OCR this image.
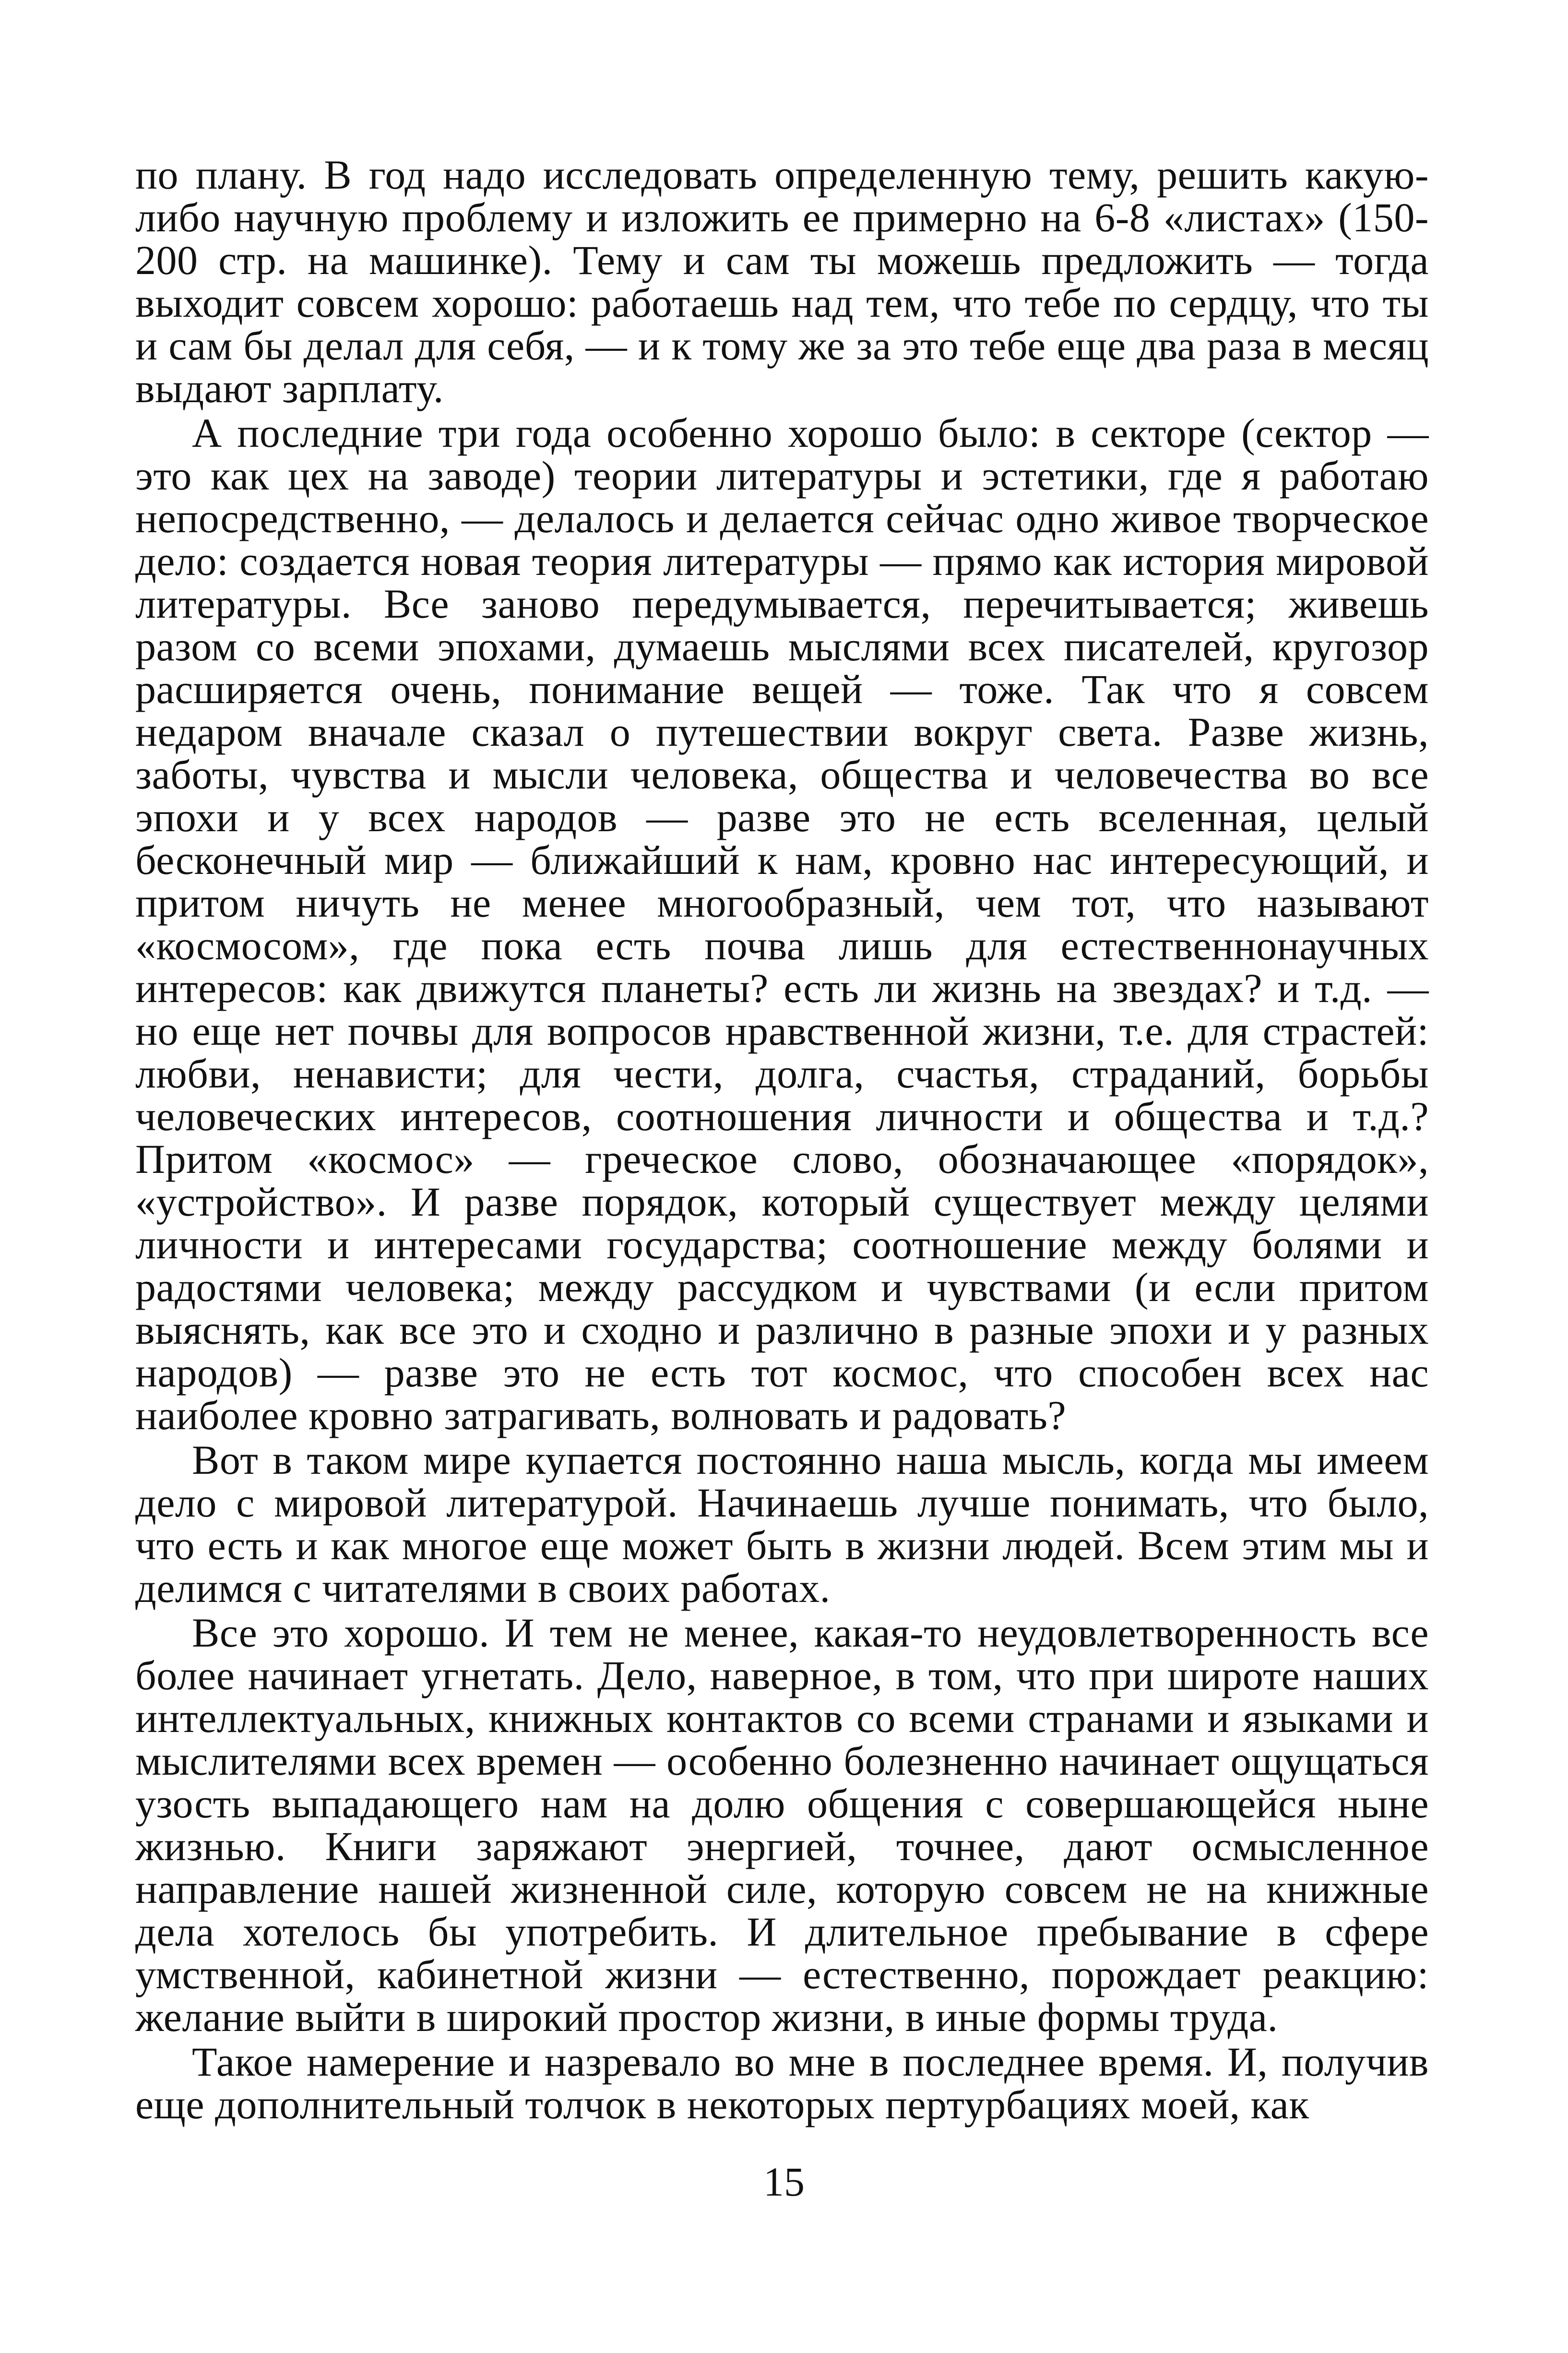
по плану. В год надо исследовать определенную тему, решить какую-либо научную проблему и изложить ее примерно на 6-8 «листах» (150-200 стр. на машинке). Тему и сам ты можешь предложить — тогда выходит совсем хорошо: работаешь над тем, что тебе по сердцу, что ты и сам бы делал для себя, — и к тому же за это тебе еще два раза в месяц выдают зарплату.

А последние три года особенно хорошо было: в секторе (сектор — это как цех на заводе) теории литературы и эстетики, где я работаю непосредственно, — делалось и делается сейчас одно живое творческое дело: создается новая теория литературы — прямо как история мировой литературы. Все заново передумывается, перечитывается; живешь разом со всеми эпохами, думаешь мыслями всех писателей, кругозор расширяется очень, понимание вещей — тоже. Так что я совсем недаром вначале сказал о путешествии вокруг света. Разве жизнь, заботы, чувства и мысли человека, общества и человечества во все эпохи и у всех народов — разве это не есть вселенная, целый бесконечный мир — ближайший к нам, кровно нас интересующий, и притом ничуть не менее многообразный, чем тот, что называют «космосом», где пока есть почва лишь для естественнонаучных интересов: как движутся планеты? есть ли жизнь на звездах? и т.д. — но еще нет почвы для вопросов нравственной жизни, т.е. для страстей: любви, ненависти; для чести, долга, счастья, страданий, борьбы человеческих интересов, соотношения личности и общества и т.д.? Притом «космос» — греческое слово, обозначающее «порядок», «устройство». И разве порядок, который существует между целями личности и интересами государства; соотношение между болями и радостями человека; между рассудком и чувствами (и если притом выяснять, как все это и сходно и различно в разные эпохи и у разных народов) — разве это не есть тот космос, что способен всех нас наиболее кровно затрагивать, волновать и радовать?

Вот в таком мире купается постоянно наша мысль, когда мы имеем дело с мировой литературой. Начинаешь лучше понимать, что было, что есть и как многое еще может быть в жизни людей. Всем этим мы и делимся с читателями в своих работах.

Все это хорошо. И тем не менее, какая-то неудовлетворенность все более начинает угнетать. Дело, наверное, в том, что при широте наших интеллектуальных, книжных контактов со всеми странами и языками и мыслителями всех времен — особенно болезненно начинает ощущаться узость выпадающего нам на долю общения с совершающейся ныне жизнью. Книги заряжают энергией, точнее, дают осмысленное направление нашей жизненной силе, которую совсем не на книжные дела хотелось бы употребить. И длительное пребывание в сфере умственной, кабинетной жизни — естественно, порождает реакцию: желание выйти в широкий простор жизни, в иные формы труда.

Такое намерение и назревало во мне в последнее время. И, получив еще дополнительный толчок в некоторых пертурбациях моей, как

15
